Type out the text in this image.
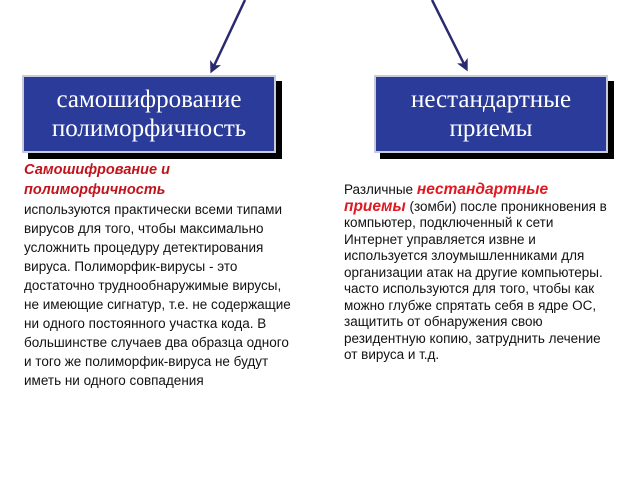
самошифрование
полиморфичность
нестандартные
приемы
Самошифрование и полиморфичность
используются практически всеми типами вирусов для того, чтобы максимально усложнить процедуру детектирования вируса. Полиморфик-вирусы - это достаточно труднообнаружимые вирусы, не имеющие сигнатур, т.е. не содержащие ни одного постоянного участка кода. В большинстве случаев два образца одного и того же полиморфик-вируса не будут иметь ни одного совпадения
Различные нестандартные приемы (зомби) после проникновения в компьютер, подключенный к сети Интернет управляется извне и используется злоумышленниками для организации атак на другие компьютеры. часто используются для того, чтобы как можно глубже спрятать себя в ядре ОС, защитить от обнаружения свою резидентную копию, затруднить лечение от вируса и т.д.
